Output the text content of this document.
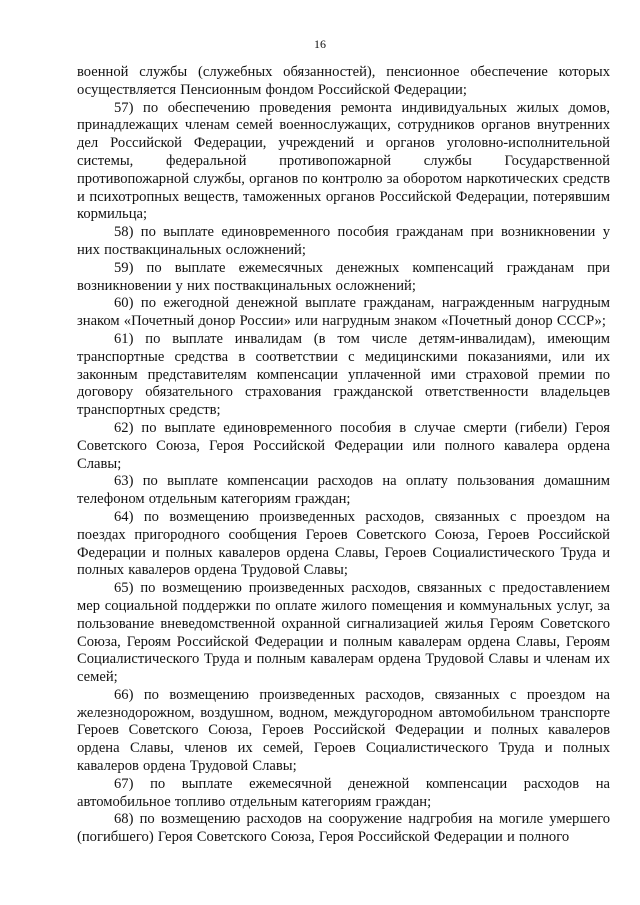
16

военной службы (служебных обязанностей), пенсионное обеспечение которых осуществляется Пенсионным фондом Российской Федерации;

57) по обеспечению проведения ремонта индивидуальных жилых домов, принадлежащих членам семей военнослужащих, сотрудников органов внутренних дел Российской Федерации, учреждений и органов уголовно-исполнительной системы, федеральной противопожарной службы Государственной противопожарной службы, органов по контролю за оборотом наркотических средств и психотропных веществ, таможенных органов Российской Федерации, потерявшим кормильца;

58) по выплате единовременного пособия гражданам при возникновении у них поствакцинальных осложнений;

59) по выплате ежемесячных денежных компенсаций гражданам при возникновении у них поствакцинальных осложнений;

60) по ежегодной денежной выплате гражданам, награжденным нагрудным знаком «Почетный донор России» или нагрудным знаком «Почетный донор СССР»;

61) по выплате инвалидам (в том числе детям-инвалидам), имеющим транспортные средства в соответствии с медицинскими показаниями, или их законным представителям компенсации уплаченной ими страховой премии по договору обязательного страхования гражданской ответственности владельцев транспортных средств;

62) по выплате единовременного пособия в случае смерти (гибели) Героя Советского Союза, Героя Российской Федерации или полного кавалера ордена Славы;

63) по выплате компенсации расходов на оплату пользования домашним телефоном отдельным категориям граждан;

64) по возмещению произведенных расходов, связанных с проездом на поездах пригородного сообщения Героев Советского Союза, Героев Российской Федерации и полных кавалеров ордена Славы, Героев Социалистического Труда и полных кавалеров ордена Трудовой Славы;

65) по возмещению произведенных расходов, связанных с предоставлением мер социальной поддержки по оплате жилого помещения и коммунальных услуг, за пользование вневедомственной охранной сигнализацией жилья Героям Советского Союза, Героям Российской Федерации и полным кавалерам ордена Славы, Героям Социалистического Труда и полным кавалерам ордена Трудовой Славы и членам их семей;

66) по возмещению произведенных расходов, связанных с проездом на железнодорожном, воздушном, водном, междугородном автомобильном транспорте Героев Советского Союза, Героев Российской Федерации и полных кавалеров ордена Славы, членов их семей, Героев Социалистического Труда и полных кавалеров ордена Трудовой Славы;

67) по выплате ежемесячной денежной компенсации расходов на автомобильное топливо отдельным категориям граждан;

68) по возмещению расходов на сооружение надгробия на могиле умершего (погибшего) Героя Советского Союза, Героя Российской Федерации и полного
